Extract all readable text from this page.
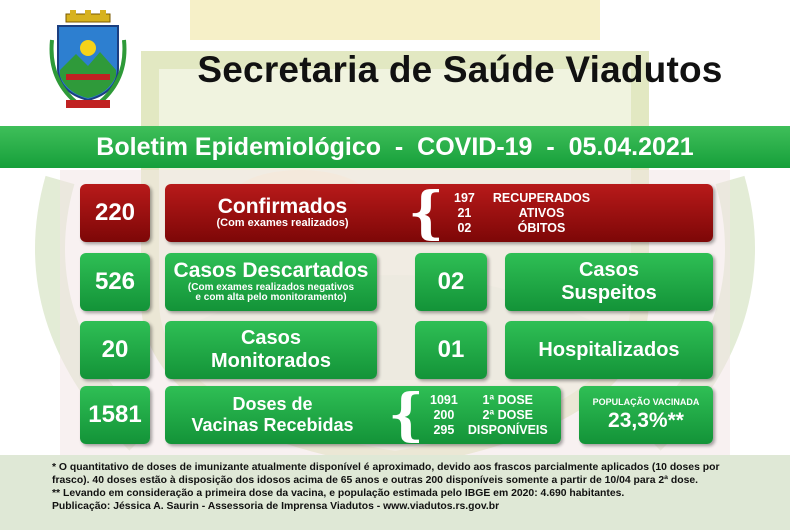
Secretaria de Saúde Viadutos
Boletim Epidemiológico  -  COVID-19  -  05.04.2021
220	Confirmados
(Com exames realizados)	{ 197 RECUPERADOS
21	ATIVOS
02	ÓBITOS
526 Casos Descartados
(Com exames realizados negativos
e com alta pelo monitoramento)
02	Casos
Suspeitos
20	Casos
Monitorados	01	Hospitalizados
1581	Doses de
Vacinas Recebidas { 1091	1ª DOSE
200	2ª DOSE
295 DISPONÍVEIS
POPULAÇÃO VACINADA
23,3%**

* O quantitativo de doses de imunizante atualmente disponível é aproximado, devido aos frascos parcialmente aplicados (10 doses por frasco). 40 doses estão à disposição dos idosos acima de 65 anos e outras 200 disponíveis somente a partir de 10/04 para 2ª dose.

** Levando em consideração a primeira dose da vacina, e população estimada pelo IBGE em 2020: 4.690 habitantes.

Publicação: Jéssica A. Saurin - Assessoria de Imprensa Viadutos - www.viadutos.rs.gov.br
